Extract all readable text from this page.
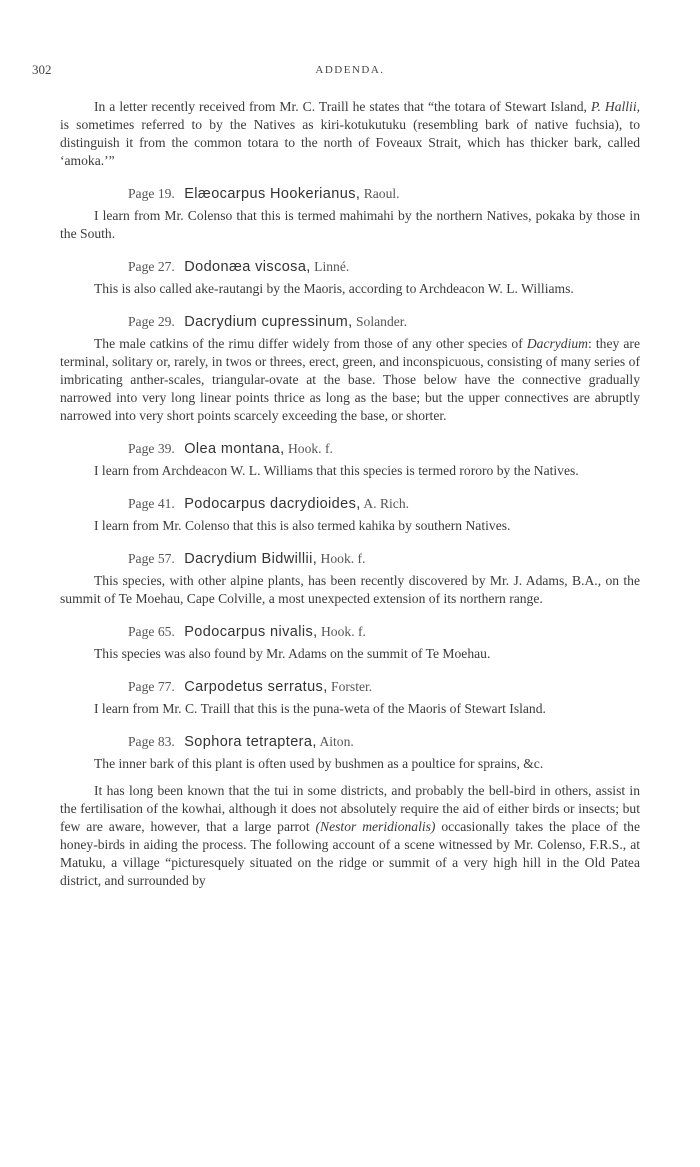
302	ADDENDA.

In a letter recently received from Mr. C. Traill he states that “the totara of Stewart Island, P. Hallii, is sometimes referred to by the Natives as kiri-kotukutuku (resembling bark of native fuchsia), to distinguish it from the common totara to the north of Foveaux Strait, which has thicker bark, called ‘amoka.’”

Page 19. Elæocarpus Hookerianus, Raoul.

I learn from Mr. Colenso that this is termed mahimahi by the northern Natives, pokaka by those in the South.

Page 27. Dodonæa viscosa, Linné.

This is also called ake-rautangi by the Maoris, according to Archdeacon W. L. Williams.

Page 29. Dacrydium cupressinum, Solander.

The male catkins of the rimu differ widely from those of any other species of Dacrydium: they are terminal, solitary or, rarely, in twos or threes, erect, green, and inconspicuous, consisting of many series of imbricating anther-scales, triangular-ovate at the base. Those below have the connective gradually narrowed into very long linear points thrice as long as the base; but the upper connectives are abruptly narrowed into very short points scarcely exceeding the base, or shorter.

Page 39. Olea montana, Hook. f.

I learn from Archdeacon W. L. Williams that this species is termed rororo by the Natives.

Page 41. Podocarpus dacrydioides, A. Rich.

I learn from Mr. Colenso that this is also termed kahika by southern Natives.

Page 57. Dacrydium Bidwillii, Hook. f.

This species, with other alpine plants, has been recently discovered by Mr. J. Adams, B.A., on the summit of Te Moehau, Cape Colville, a most unexpected extension of its northern range.

Page 65. Podocarpus nivalis, Hook. f.

This species was also found by Mr. Adams on the summit of Te Moehau.

Page 77. Carpodetus serratus, Forster.

I learn from Mr. C. Traill that this is the puna-weta of the Maoris of Stewart Island.

Page 83. Sophora tetraptera, Aiton.

The inner bark of this plant is often used by bushmen as a poultice for sprains, &c.

It has long been known that the tui in some districts, and probably the bell-bird in others, assist in the fertilisation of the kowhai, although it does not absolutely require the aid of either birds or insects; but few are aware, however, that a large parrot (Nestor meridionalis) occasionally takes the place of the honey-birds in aiding the process. The following account of a scene witnessed by Mr. Colenso, F.R.S., at Matuku, a village “picturesquely situated on the ridge or summit of a very high hill in the Old Patea district, and surrounded by
